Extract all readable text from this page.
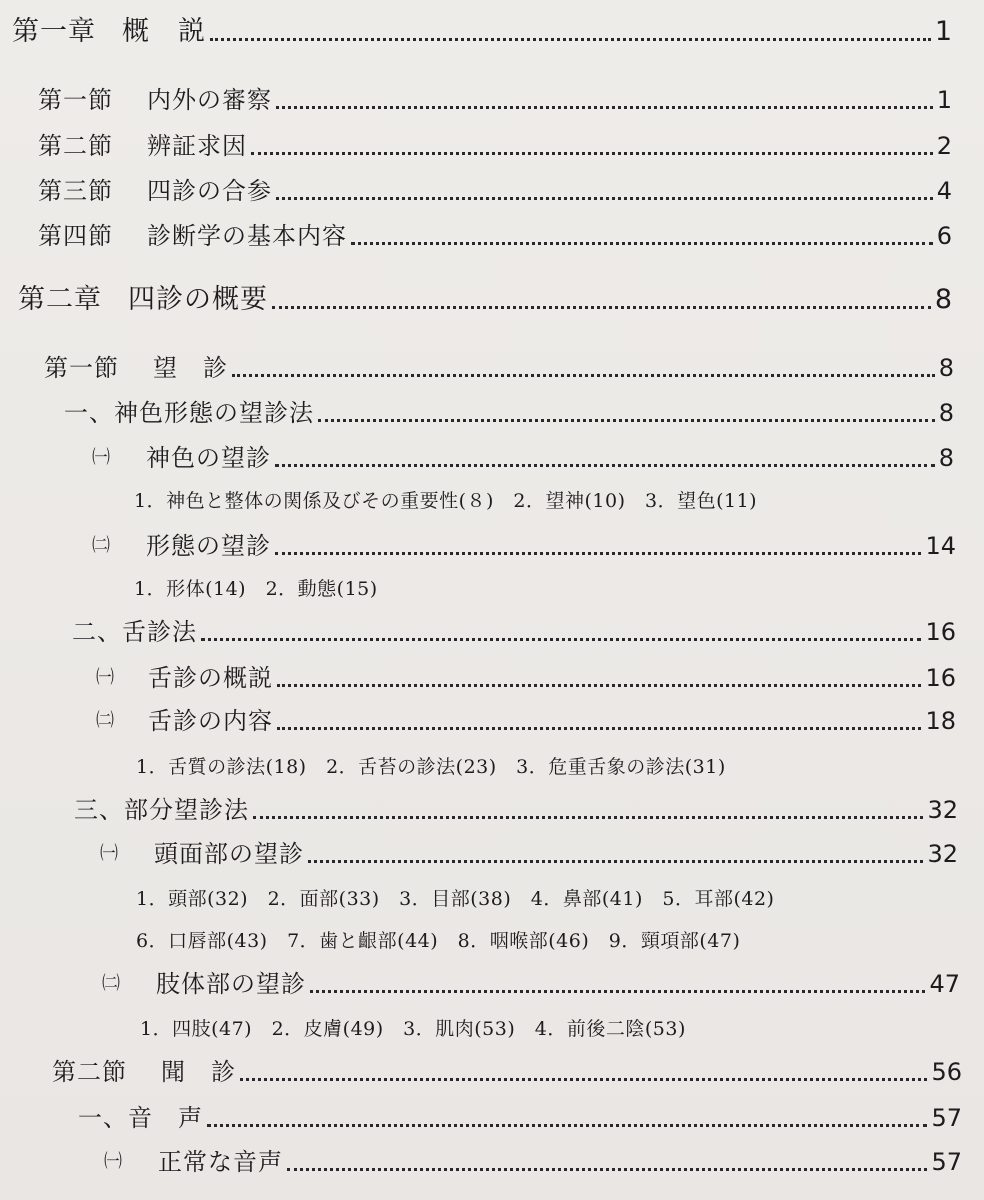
第一章 概　説	1
第一節 内外の審察	1
第二節 辨証求因	2
第三節 四診の合参	4
第四節 診断学の基本内容	6
第二章 四診の概要	8
第一節 望　診	8
一、神色形態の望診法	8
㈠	神色の望診	8
1．神色と整体の関係及びその重要性(８)　2．望神(10)　3．望色(11)
㈡	形態の望診	14
1．形体(14)　2．動態(15)
二、舌診法	16
㈠	舌診の概説	16
㈡	舌診の内容	18
1．舌質の診法(18)　2．舌苔の診法(23)　3．危重舌象の診法(31)
三、部分望診法	32
㈠	頭面部の望診	32
1．頭部(32)　2．面部(33)　3．目部(38)　4．鼻部(41)　5．耳部(42)
6．口唇部(43)　7．歯と齦部(44)　8．咽喉部(46)　9．頸項部(47)
㈡	肢体部の望診	47
1．四肢(47)　2．皮膚(49)　3．肌肉(53)　4．前後二陰(53)
第二節 聞　診	56
一、音　声	57
㈠	正常な音声	57
